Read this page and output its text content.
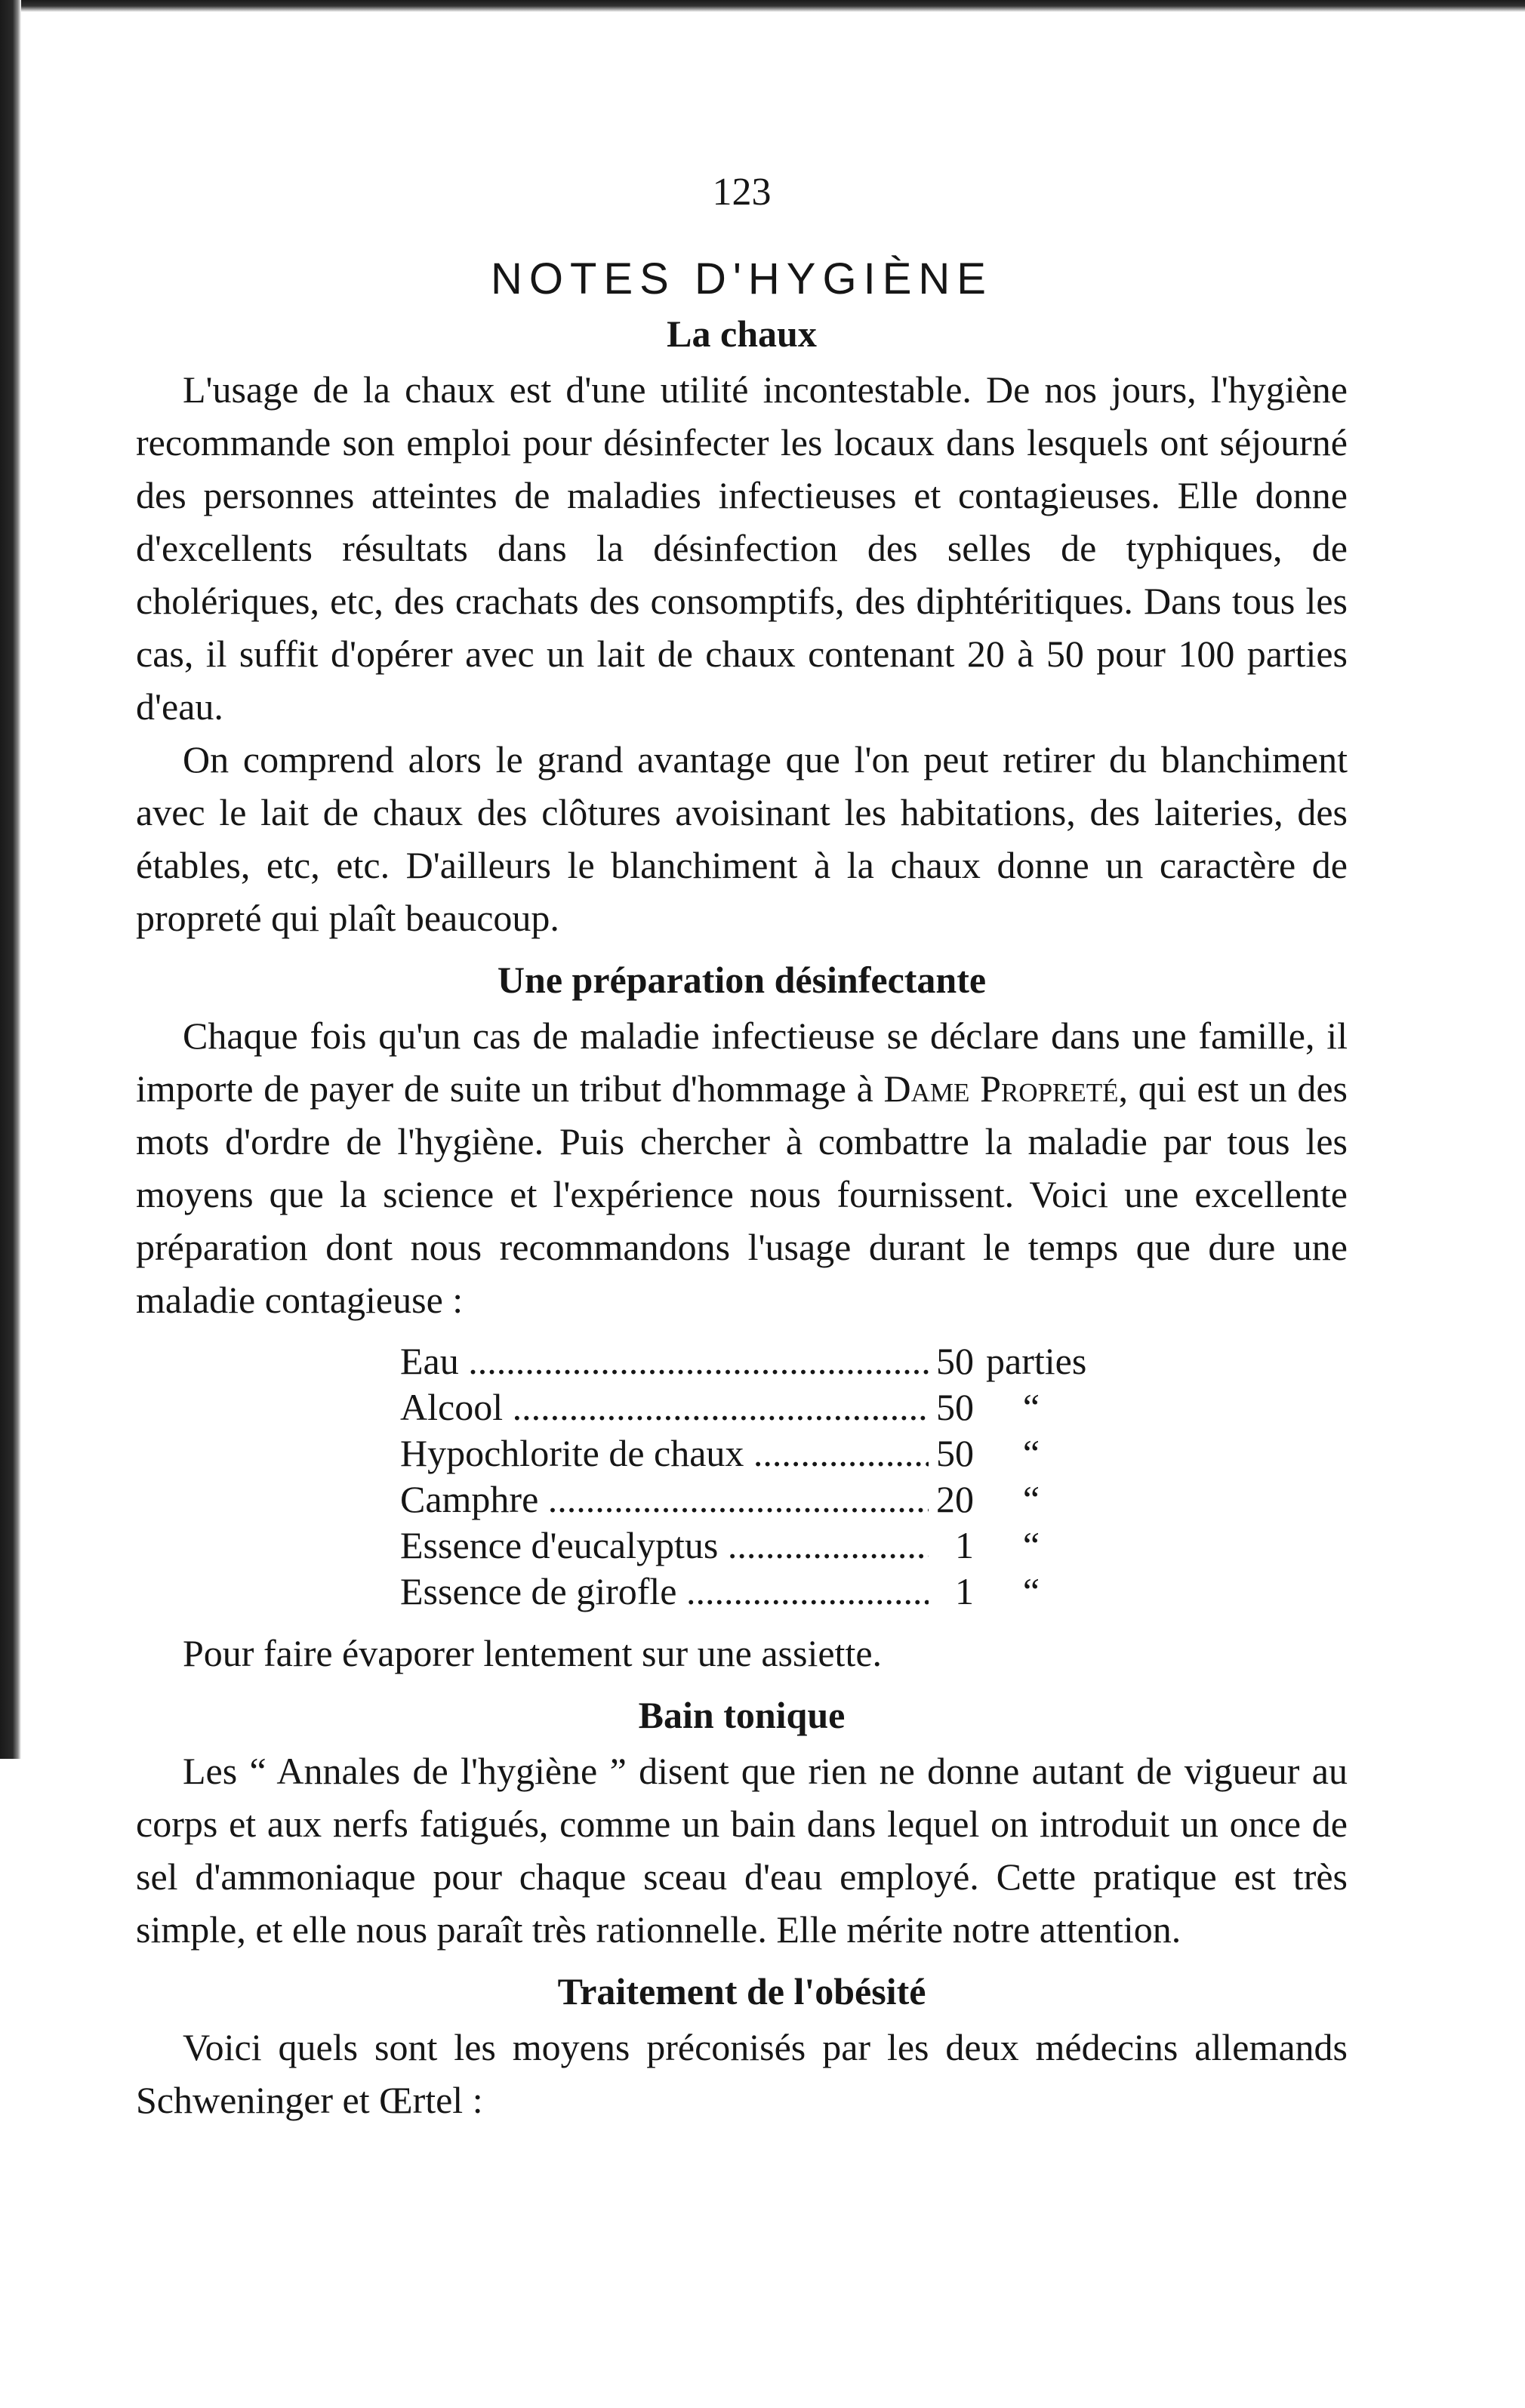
123
NOTES D'HYGIÈNE
La chaux

L'usage de la chaux est d'une utilité incontestable. De nos jours, l'hygiène recommande son emploi pour désinfecter les locaux dans lesquels ont séjourné des personnes atteintes de maladies infectieuses et contagieuses. Elle donne d'excellents résultats dans la désinfection des selles de typhiques, de cholériques, etc, des crachats des consomptifs, des diphtéritiques. Dans tous les cas, il suffit d'opérer avec un lait de chaux contenant 20 à 50 pour 100 parties d'eau.

On comprend alors le grand avantage que l'on peut retirer du blanchiment avec le lait de chaux des clôtures avoisinant les habitations, des laiteries, des étables, etc, etc. D'ailleurs le blanchiment à la chaux donne un caractère de propreté qui plaît beaucoup.

Une préparation désinfectante

Chaque fois qu'un cas de maladie infectieuse se déclare dans une famille, il importe de payer de suite un tribut d'hommage à Dame Propreté, qui est un des mots d'ordre de l'hygiène. Puis chercher à combattre la maladie par tous les moyens que la science et l'expérience nous fournissent. Voici une excellente préparation dont nous recommandons l'usage durant le temps que dure une maladie contagieuse :

Eau .....	50 parties
Alcool .....	50	“
Hypochlorite de chaux .....	50	“
Camphre .....	20	“
Essence d'eucalyptus .....	1	“
Essence de girofle .....	1	“

Pour faire évaporer lentement sur une assiette.

Bain tonique

Les “ Annales de l'hygiène ” disent que rien ne donne autant de vigueur au corps et aux nerfs fatigués, comme un bain dans lequel on introduit un once de sel d'ammoniaque pour chaque sceau d'eau employé. Cette pratique est très simple, et elle nous paraît très rationnelle. Elle mérite notre attention.

Traitement de l'obésité

Voici quels sont les moyens préconisés par les deux médecins allemands Schweninger et Œrtel :
